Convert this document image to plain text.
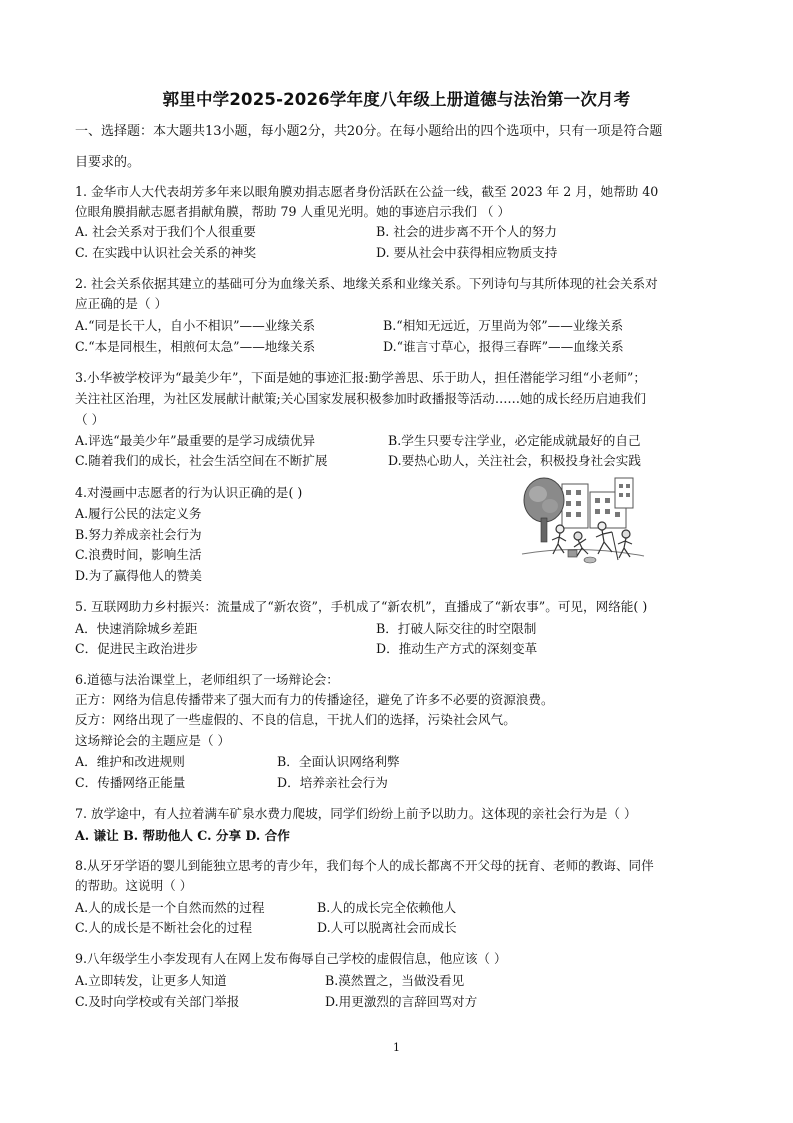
郭里中学2025-2026学年度八年级上册道德与法治第一次月考
一、选择题：本大题共13小题，每小题2分，共20分。在每小题给出的四个选项中，只有一项是符合题
目要求的。
1. 金华市人大代表胡芳多年来以眼角膜劝捐志愿者身份活跃在公益一线，截至 2023 年 2 月，她帮助 40
位眼角膜捐献志愿者捐献角膜，帮助 79 人重见光明。她的事迹启示我们 （ ）
A. 社会关系对于我们个人很重要	B. 社会的进步离不开个人的努力
C. 在实践中认识社会关系的神奖	D. 要从社会中获得相应物质支持
2. 社会关系依据其建立的基础可分为血缘关系、地缘关系和业缘关系。下列诗句与其所体现的社会关系对
应正确的是（ ）
A.“同是长干人，自小不相识”——业缘关系	B.“相知无远近，万里尚为邻”——业缘关系
C.“本是同根生，相煎何太急”——地缘关系	D.“谁言寸草心，报得三春晖”——血缘关系
3.小华被学校评为“最美少年”，下面是她的事迹汇报:勤学善思、乐于助人，担任潜能学习组“小老师”；
关注社区治理，为社区发展献计献策;关心国家发展积极参加时政播报等活动……她的成长经历启迪我们
（ ）
A.评选“最美少年”最重要的是学习成绩优异	B.学生只要专注学业，必定能成就最好的自己
C.随着我们的成长，社会生活空间在不断扩展	D.要热心助人，关注社会，积极投身社会实践
4.对漫画中志愿者的行为认识正确的是( )
A.履行公民的法定义务
B.努力养成亲社会行为
C.浪费时间，影响生活
D.为了赢得他人的赞美
5. 互联网助力乡村振兴：流量成了“新农资”，手机成了“新农机”，直播成了“新农事”。可见，网络能( )
A．快速消除城乡差距	B．打破人际交往的时空限制
C．促进民主政治进步	D．推动生产方式的深刻变革
6.道德与法治课堂上，老师组织了一场辩论会：
正方：网络为信息传播带来了强大而有力的传播途径，避免了许多不必要的资源浪费。
反方：网络出现了一些虚假的、不良的信息，干扰人们的选择，污染社会风气。
这场辩论会的主题应是（ ）
A．维护和改进规则	B．全面认识网络利弊
C．传播网络正能量	D．培养亲社会行为
7. 放学途中，有人拉着满车矿泉水费力爬坡，同学们纷纷上前予以助力。这体现的亲社会行为是（ ）
A. 谦让 B. 帮助他人 C. 分享 D. 合作
8.从牙牙学语的婴儿到能独立思考的青少年，我们每个人的成长都离不开父母的抚育、老师的教诲、同伴
的帮助。这说明（ ）
A.人的成长是一个自然而然的过程	B.人的成长完全依赖他人
C.人的成长是不断社会化的过程	D.人可以脱离社会而成长
9.八年级学生小李发现有人在网上发布侮辱自己学校的虚假信息，他应该（ ）
A.立即转发，让更多人知道	B.漠然置之，当做没看见
C.及时向学校或有关部门举报	D.用更激烈的言辞回骂对方
1
